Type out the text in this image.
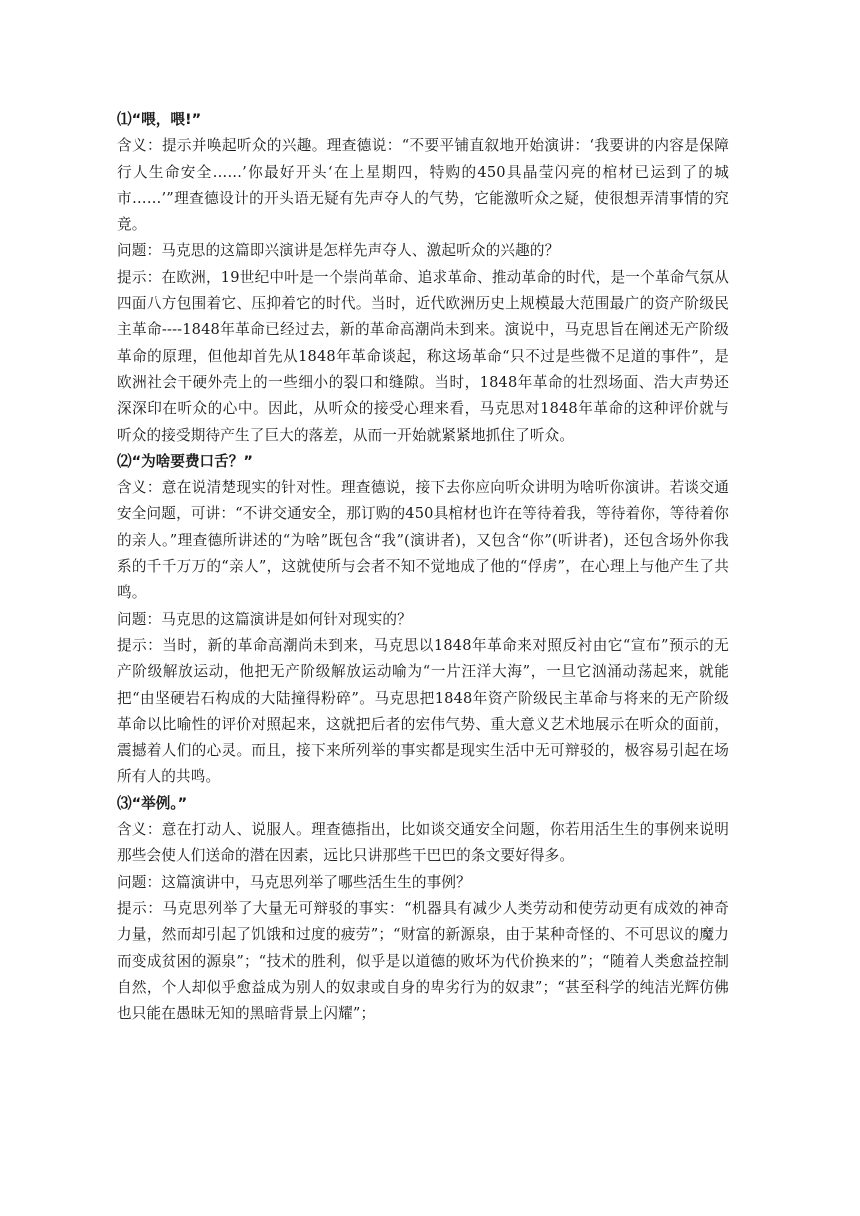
⑴“喂，喂!”
含义：提示并唤起听众的兴趣。理查德说：“不要平铺直叙地开始演讲：‘我要讲的内容是保障行人生命安全……’你最好开头‘在上星期四，特购的450具晶莹闪亮的棺材已运到了的城市……’”理查德设计的开头语无疑有先声夺人的气势，它能激听众之疑，使很想弄清事情的究竟。
问题：马克思的这篇即兴演讲是怎样先声夺人、激起听众的兴趣的？
提示：在欧洲，19世纪中叶是一个崇尚革命、追求革命、推动革命的时代，是一个革命气氛从四面八方包围着它、压抑着它的时代。当时，近代欧洲历史上规模最大范围最广的资产阶级民主革命----1848年革命已经过去，新的革命高潮尚未到来。演说中，马克思旨在阐述无产阶级革命的原理，但他却首先从1848年革命谈起，称这场革命“只不过是些微不足道的事件”，是欧洲社会干硬外壳上的一些细小的裂口和缝隙。当时，1848年革命的壮烈场面、浩大声势还深深印在听众的心中。因此，从听众的接受心理来看，马克思对1848年革命的这种评价就与听众的接受期待产生了巨大的落差，从而一开始就紧紧地抓住了听众。
⑵“为啥要费口舌？”
含义：意在说清楚现实的针对性。理查德说，接下去你应向听众讲明为啥听你演讲。若谈交通安全问题，可讲：“不讲交通安全，那订购的450具棺材也许在等待着我，等待着你，等待着你的亲人。”理查德所讲述的“为啥”既包含“我”(演讲者)，又包含“你”(听讲者)，还包含场外你我系的千千万万的“亲人”，这就使所与会者不知不觉地成了他的“俘虏”，在心理上与他产生了共鸣。
问题：马克思的这篇演讲是如何针对现实的？
提示：当时，新的革命高潮尚未到来，马克思以1848年革命来对照反衬由它“宣布”预示的无产阶级解放运动，他把无产阶级解放运动喻为“一片汪洋大海”，一旦它汹涌动荡起来，就能把“由坚硬岩石构成的大陆撞得粉碎”。马克思把1848年资产阶级民主革命与将来的无产阶级革命以比喻性的评价对照起来，这就把后者的宏伟气势、重大意义艺术地展示在听众的面前，震撼着人们的心灵。而且，接下来所列举的事实都是现实生活中无可辩驳的，极容易引起在场所有人的共鸣。
⑶“举例。”
含义：意在打动人、说服人。理查德指出，比如谈交通安全问题，你若用活生生的事例来说明那些会使人们送命的潜在因素，远比只讲那些干巴巴的条文要好得多。
问题：这篇演讲中，马克思列举了哪些活生生的事例？
提示：马克思列举了大量无可辩驳的事实：“机器具有减少人类劳动和使劳动更有成效的神奇力量，然而却引起了饥饿和过度的疲劳”；“财富的新源泉，由于某种奇怪的、不可思议的魔力而变成贫困的源泉”；“技术的胜利，似乎是以道德的败坏为代价换来的”；“随着人类愈益控制自然，个人却似乎愈益成为别人的奴隶或自身的卑劣行为的奴隶”；“甚至科学的纯洁光辉仿佛也只能在愚昧无知的黑暗背景上闪耀”；
